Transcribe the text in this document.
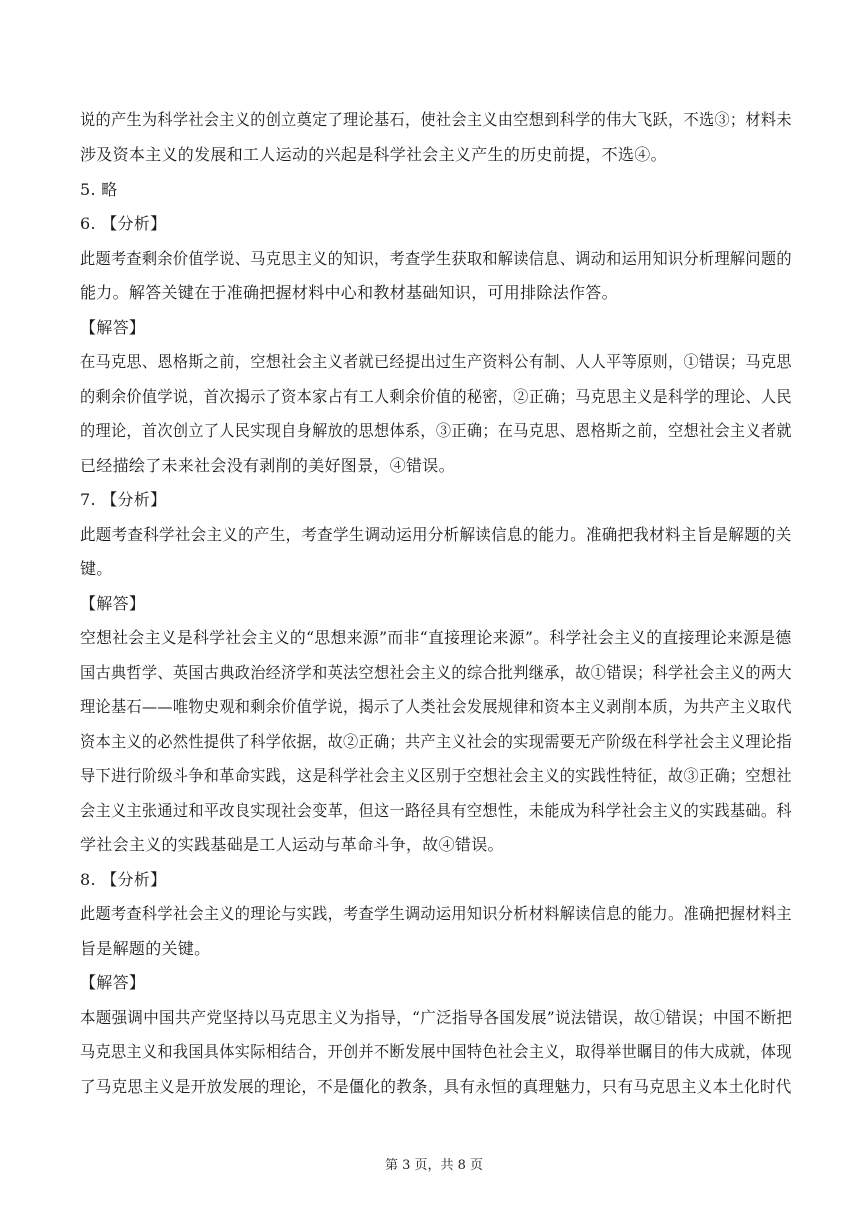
说的产生为科学社会主义的创立奠定了理论基石，使社会主义由空想到科学的伟大飞跃，不选③；材料未
涉及资本主义的发展和工人运动的兴起是科学社会主义产生的历史前提，不选④。
5. 略
6. 【分析】
此题考查剩余价值学说、马克思主义的知识，考查学生获取和解读信息、调动和运用知识分析理解问题的
能力。解答关键在于准确把握材料中心和教材基础知识，可用排除法作答。
【解答】
在马克思、恩格斯之前，空想社会主义者就已经提出过生产资料公有制、人人平等原则，①错误；马克思
的剩余价值学说，首次揭示了资本家占有工人剩余价值的秘密，②正确；马克思主义是科学的理论、人民
的理论，首次创立了人民实现自身解放的思想体系，③正确；在马克思、恩格斯之前，空想社会主义者就
已经描绘了未来社会没有剥削的美好图景，④错误。
7. 【分析】
此题考查科学社会主义的产生，考查学生调动运用分析解读信息的能力。准确把我材料主旨是解题的关
键。
【解答】
空想社会主义是科学社会主义的“思想来源”而非“直接理论来源”。科学社会主义的直接理论来源是德
国古典哲学、英国古典政治经济学和英法空想社会主义的综合批判继承，故①错误；科学社会主义的两大
理论基石——唯物史观和剩余价值学说，揭示了人类社会发展规律和资本主义剥削本质，为共产主义取代
资本主义的必然性提供了科学依据，故②正确；共产主义社会的实现需要无产阶级在科学社会主义理论指
导下进行阶级斗争和革命实践，这是科学社会主义区别于空想社会主义的实践性特征，故③正确；空想社
会主义主张通过和平改良实现社会变革，但这一路径具有空想性，未能成为科学社会主义的实践基础。科
学社会主义的实践基础是工人运动与革命斗争，故④错误。
8. 【分析】
此题考查科学社会主义的理论与实践，考查学生调动运用知识分析材料解读信息的能力。准确把握材料主
旨是解题的关键。
【解答】
本题强调中国共产党坚持以马克思主义为指导，“广泛指导各国发展”说法错误，故①错误；中国不断把
马克思主义和我国具体实际相结合，开创并不断发展中国特色社会主义，取得举世瞩目的伟大成就，体现
了马克思主义是开放发展的理论，不是僵化的教条，具有永恒的真理魅力，只有马克思主义本土化时代
第 3 页，共 8 页
